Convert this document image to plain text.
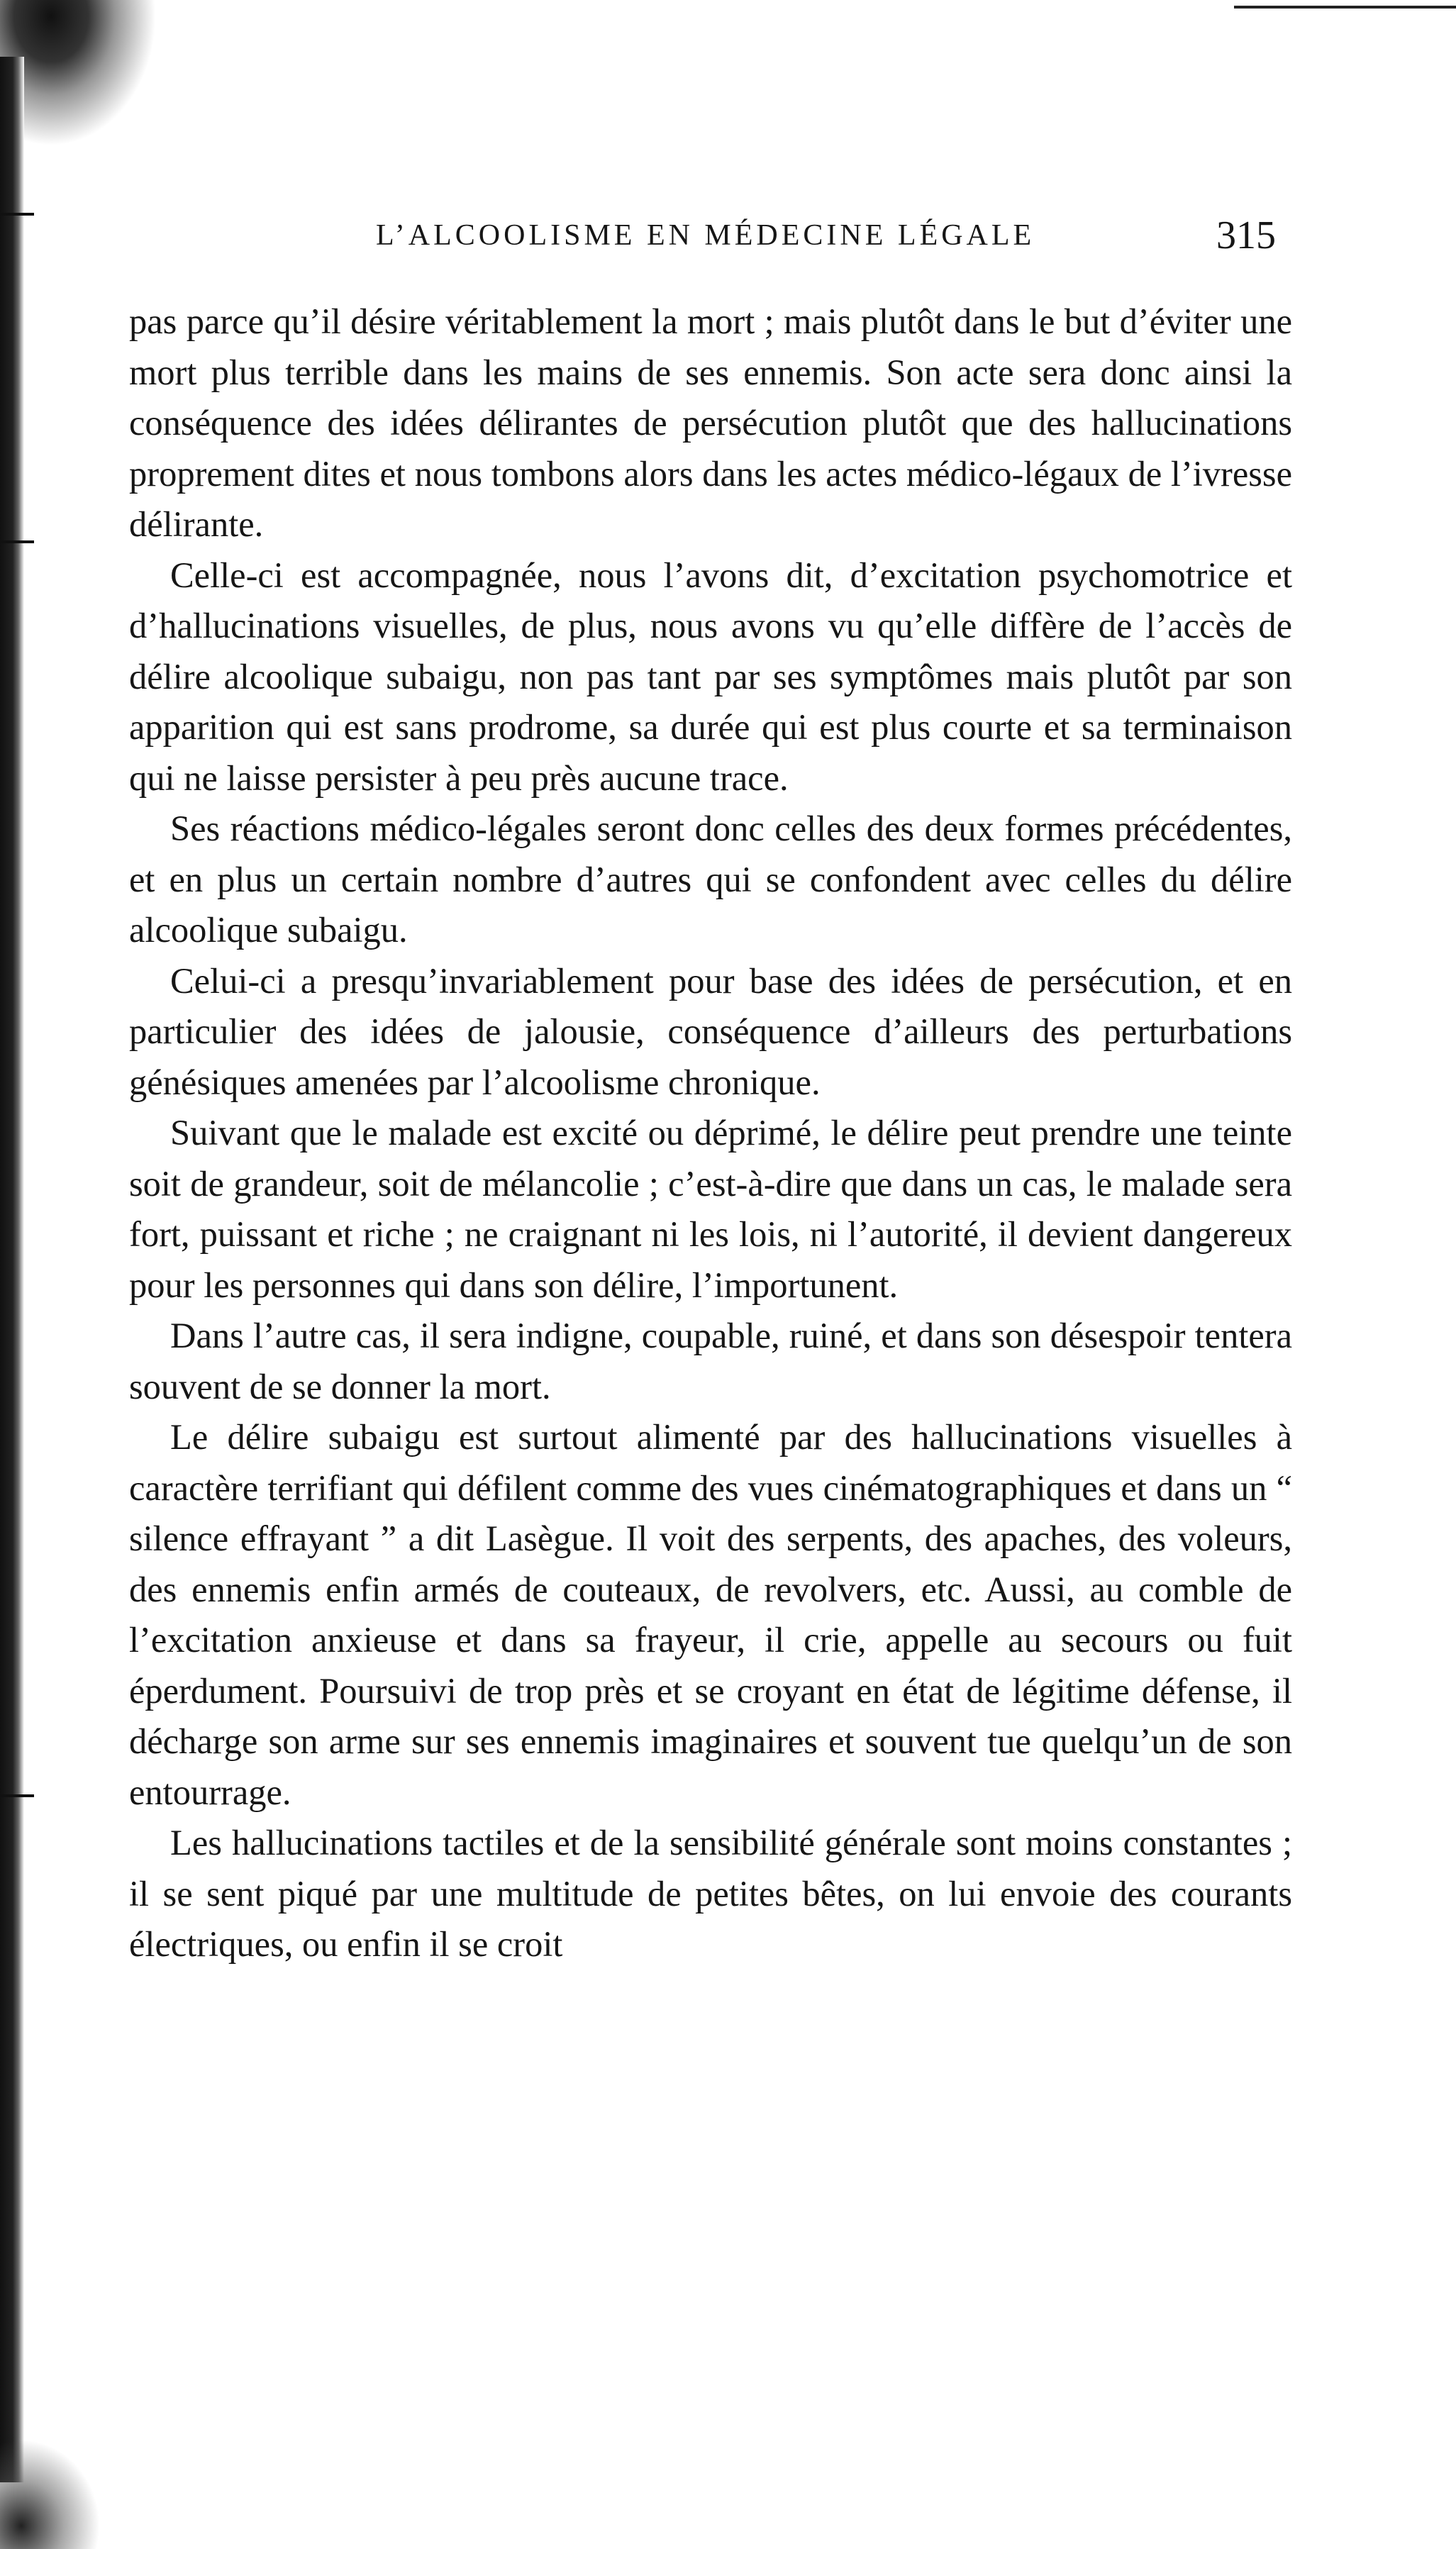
L’ALCOOLISME EN MÉDECINE LÉGALE	315

pas parce qu’il désire véritablement la mort ; mais plutôt dans le but d’éviter une mort plus terrible dans les mains de ses ennemis. Son acte sera donc ainsi la conséquence des idées délirantes de persécution plutôt que des hallucinations proprement dites et nous tombons alors dans les actes médico-légaux de l’ivresse délirante.

Celle-ci est accompagnée, nous l’avons dit, d’excitation psychomotrice et d’hallucinations visuelles, de plus, nous avons vu qu’elle diffère de l’accès de délire alcoolique subaigu, non pas tant par ses symptômes mais plutôt par son apparition qui est sans prodrome, sa durée qui est plus courte et sa terminaison qui ne laisse persister à peu près aucune trace.

Ses réactions médico-légales seront donc celles des deux formes précédentes, et en plus un certain nombre d’autres qui se confondent avec celles du délire alcoolique subaigu.

Celui-ci a presqu’invariablement pour base des idées de persécution, et en particulier des idées de jalousie, conséquence d’ailleurs des perturbations génésiques amenées par l’alcoolisme chronique.

Suivant que le malade est excité ou déprimé, le délire peut prendre une teinte soit de grandeur, soit de mélancolie ; c’est-à-dire que dans un cas, le malade sera fort, puissant et riche ; ne craignant ni les lois, ni l’autorité, il devient dangereux pour les personnes qui dans son délire, l’importunent.

Dans l’autre cas, il sera indigne, coupable, ruiné, et dans son désespoir tentera souvent de se donner la mort.

Le délire subaigu est surtout alimenté par des hallucinations visuelles à caractère terrifiant qui défilent comme des vues cinématographiques et dans un “ silence effrayant ” a dit Lasègue. Il voit des serpents, des apaches, des voleurs, des ennemis enfin armés de couteaux, de revolvers, etc. Aussi, au comble de l’excitation anxieuse et dans sa frayeur, il crie, appelle au secours ou fuit éperdument. Poursuivi de trop près et se croyant en état de légitime défense, il décharge son arme sur ses ennemis imaginaires et souvent tue quelqu’un de son entourrage.

Les hallucinations tactiles et de la sensibilité générale sont moins constantes ; il se sent piqué par une multitude de petites bêtes, on lui envoie des courants électriques, ou enfin il se croit
